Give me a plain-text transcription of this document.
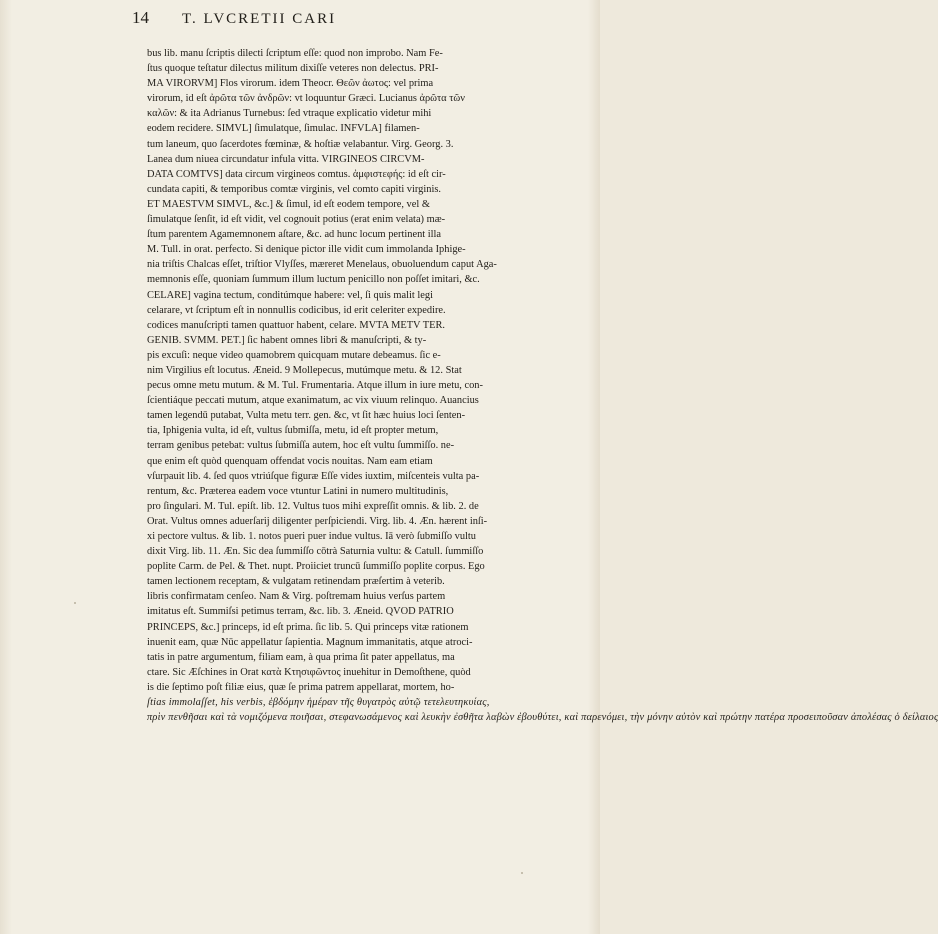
14	T. LVCRETII CARI
bus lib. manu ſcriptis dilecti ſcriptum eſſe: quod non improbo. Nam Fe-
ſtus quoque teſtatur dilectus militum dixiſſe veteres non delectus. PRI-
MA VIRORVM] Flos virorum. idem Theocr. Θεῶν ἀωτος: vel prima
virorum, id eſt ἀρῶτα τῶν ἀνδρῶν: vt loquuntur Græci. Lucianus ἀρῶτα τῶν
καλῶν: & ita Adrianus Turnebus: ſed vtraque explicatio videtur mihi
eodem recidere. SIMVL] ſimulatque, ſimulac. INFVLA] filamen-
tum laneum, quo ſacerdotes fœminæ, & hoſtiæ velabantur. Virg. Georg. 3.
Lanea dum niuea circundatur infula vitta. VIRGINEOS CIRCVM-
DATA COMTVS] data circum virgineos comtus. ἀμφιστεφής: id eſt cir-
cundata capiti, & temporibus comtæ virginis, vel comto capiti virginis.
ET MAESTVM SIMVL, &c.] & ſimul, id eſt eodem tempore, vel &
ſimulatque ſenſit, id eſt vidit, vel cognouit potius (erat enim velata) mæ-
ſtum parentem Agamemnonem aſtare, &c. ad hunc locum pertinent illa
M. Tull. in orat. perfecto. Si denique pictor ille vidit cum immolanda Iphige-
nia triſtis Chalcas eſſet, triſtior Vlyſſes, mæreret Menelaus, obuoluendum caput Aga-
memnonis eſſe, quoniam ſummum illum luctum penicillo non poſſet imitari, &c.
CELARE] vagina tectum, conditúmque habere: vel, ſi quis malit legi
celarare, vt ſcriptum eſt in nonnullis codicibus, id erit celeriter expedire.
codices manuſcripti tamen quattuor habent, celare. MVTA METV TER.
GENIB. SVMM. PET.] ſic habent omnes libri & manuſcripti, & ty-
pis excuſi: neque video quamobrem quicquam mutare debeamus. ſic e-
nim Virgilius eſt locutus. Æneid. 9 Mollepecus, mutúmque metu. & 12. Stat
pecus omne metu mutum. & M. Tul. Frumentaria. Atque illum in iure metu, con-
ſcientiáque peccati mutum, atque exanimatum, ac vix viuum relinquo. Auancius
tamen legendū putabat, Vulta metu terr. gen. &c, vt ſit hæc huius loci ſenten-
tia, Iphigenia vulta, id eſt, vultus ſubmiſſa, metu, id eſt propter metum,
terram genibus petebat: vultus ſubmiſſa autem, hoc eſt vultu ſummiſſo. ne-
que enim eſt quòd quenquam offendat vocis nouitas. Nam eam etiam
vſurpauit lib. 4. ſed quos vtriúſque figuræ Eſſe vides iuxtim, miſcenteis vulta pa-
rentum, &c. Præterea eadem voce vtuntur Latini in numero multitudinis,
pro ſingulari. M. Tul. epiſt. lib. 12. Vultus tuos mihi expreſſit omnis. & lib. 2. de
Orat. Vultus omnes aduerſarij diligenter perſpiciendi. Virg. lib. 4. Æn. hærent inſi-
xi pectore vultus. & lib. 1. notos pueri puer indue vultus. Iā verò ſubmiſſo vultu
dixit Virg. lib. 11. Æn. Sic dea ſummiſſo cōtrà Saturnia vultu: & Catull. ſummiſſo
poplite Carm. de Pel. & Thet. nupt. Proiiciet truncū ſummiſſo poplite corpus. Ego
tamen lectionem receptam, & vulgatam retinendam præſertim à veterib.
libris confirmatam cenſeo. Nam & Virg. poſtremam huius verſus partem
imitatus eſt. Summiſsi petimus terram, &c. lib. 3. Æneid. QVOD PATRIO
PRINCEPS, &c.] princeps, id eſt prima. ſic lib. 5. Qui princeps vitæ rationem
inuenit eam, quæ Nūc appellatur ſapientia. Magnum immanitatis, atque atroci-
tatis in patre argumentum, filiam eam, à qua prima ſit pater appellatus, ma
ctare. Sic Æſchines in Orat κατὰ Κτησιφῶντος inuehitur in Demoſthene, quòd
is die ſeptimo poſt filiæ eius, quæ ſe prima patrem appellarat, mortem, ho-
ſtias immolaſſet, his verbis, ἑβδόμην ἡμέραν τῆς θυγατρὸς αὐτῷ τετελευτηκυίας,
πρὶν πενθῆσαι καὶ τὰ νομιζόμενα ποιῆσαι, στεφανωσάμενος καὶ λευκὴν ἐσθῆτα λαβὼν ἐβουθύτει, καὶ παρενόμει, τὴν μόνην αὐτὸν καὶ πρώτην πατέρα προσειποῦσαν ἀπολέσας ὁ δείλαιος
